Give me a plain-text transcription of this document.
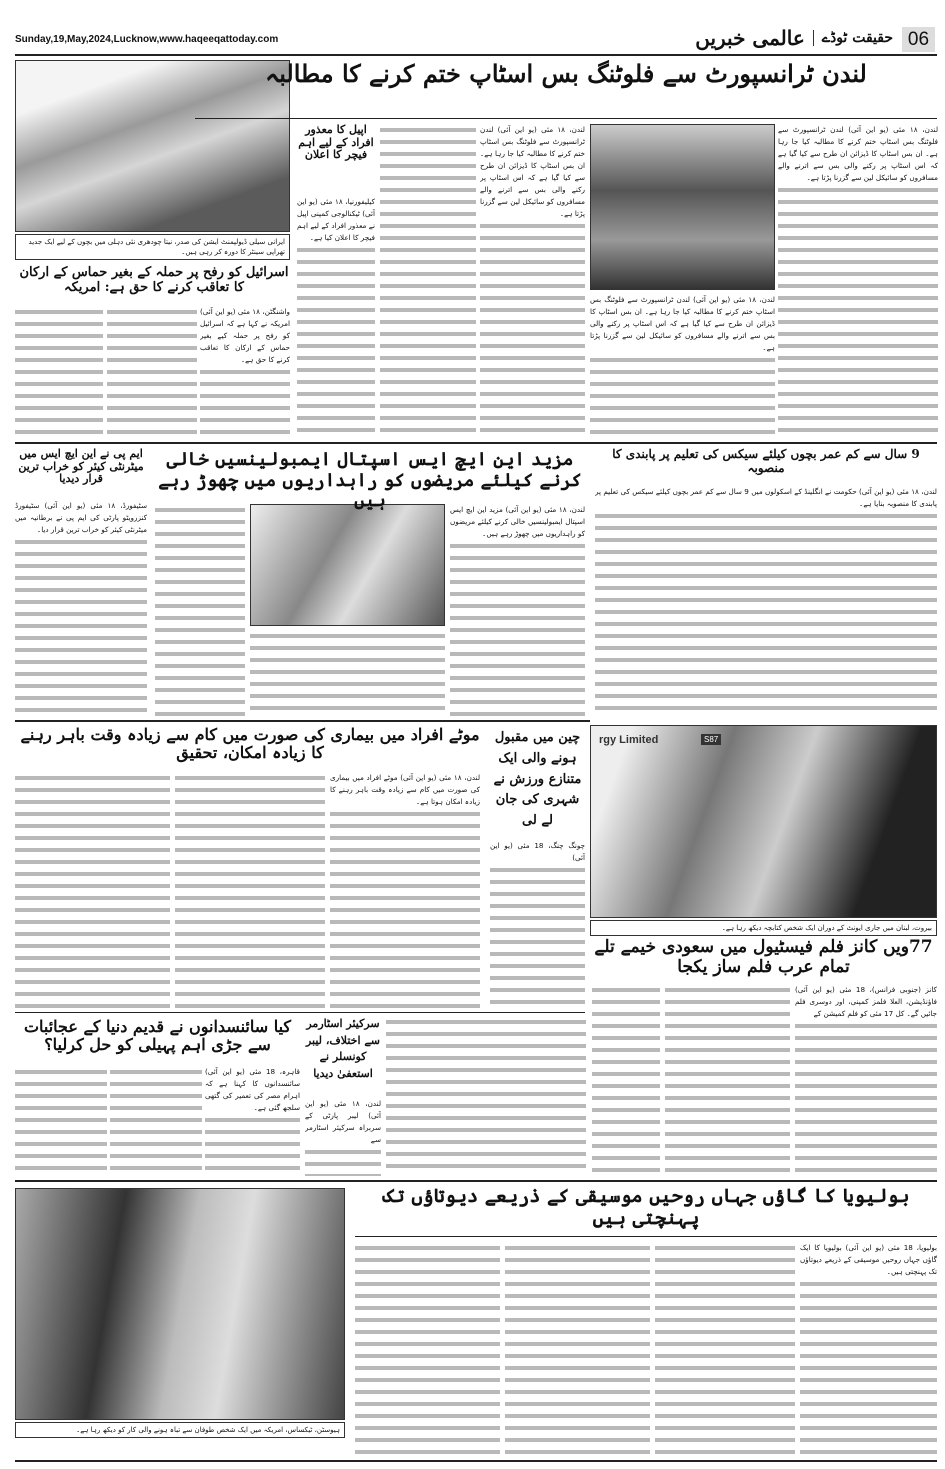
Sunday,19,May,2024,Lucknow,www.haqeeqattoday.com	06
حقیقت ٹوڈے
عالمی خبریں
ایرانی سیلی ڈیولپمنٹ ایشن کی صدر، نیتا چودھری نئی دہلی میں بچوں کے لیے ایک جدید تھراپی سینٹر کا دورہ کر رہی ہیں۔
لندن ٹرانسپورٹ سے فلوٹنگ بس اسٹاپ ختم کرنے کا مطالبہ

لندن، ۱۸ مئی (یو این آئی) لندن ٹرانسپورٹ سے فلوٹنگ بس اسٹاپ ختم کرنے کا مطالبہ کیا جا رہا ہے۔ ان بس اسٹاپ کا ڈیزائن ان طرح سے کیا گیا ہے کہ اس اسٹاپ پر رکنے والی بس سے اترنے والے مسافروں کو سائیکل لین سے گزرنا پڑتا ہے۔

لندن، ۱۸ مئی (یو این آئی) لندن ٹرانسپورٹ سے فلوٹنگ بس اسٹاپ ختم کرنے کا مطالبہ کیا جا رہا ہے۔ ان بس اسٹاپ کا ڈیزائن ان طرح سے کیا گیا ہے کہ اس اسٹاپ پر رکنے والی بس سے اترنے والے مسافروں کو سائیکل لین سے گزرنا پڑتا ہے۔

لندن، ۱۸ مئی (یو این آئی) لندن ٹرانسپورٹ سے فلوٹنگ بس اسٹاپ ختم کرنے کا مطالبہ کیا جا رہا ہے۔ ان بس اسٹاپ کا ڈیزائن ان طرح سے کیا گیا ہے کہ اس اسٹاپ پر رکنے والی بس سے اترنے والے مسافروں کو سائیکل لین سے گزرنا پڑتا ہے۔

اپیل کا معذور افراد کے لیے اہم فیچر کا اعلان

کیلیفورنیا، ۱۸ مئی (یو این آئی) ٹیکنالوجی کمپنی اپیل نے معذور افراد کے لیے اہم فیچر کا اعلان کیا ہے۔

اسرائیل کو رفح پر حملہ کے بغیر حماس کے ارکان کا تعاقب کرنے کا حق ہے: امریکہ

واشنگٹن، ۱۸ مئی (یو این آئی) امریکہ نے کہا ہے کہ اسرائیل کو رفح پر حملہ کیے بغیر حماس کے ارکان کا تعاقب کرنے کا حق ہے۔

9 سال سے کم عمر بچوں کیلئے سیکس کی تعلیم پر پابندی کا منصوبہ

لندن، ۱۸ مئی (یو این آئی) حکومت نے انگلینڈ کے اسکولوں میں 9 سال سے کم عمر بچوں کیلئے سیکس کی تعلیم پر پابندی کا منصوبہ بنایا ہے۔

مزید این ایچ ایس اسپتال ایمبولینسیں خالی کرنے کیلئے مریضوں کو راہداریوں میں چھوڑ رہے ہیں	لندن، ۱۸ مئی (یو این آئی) مزید این ایچ ایس اسپتال ایمبولینسیں خالی کرنے کیلئے مریضوں کو راہداریوں میں چھوڑ رہے ہیں۔

ایم پی نے این ایچ ایس میں میٹرنٹی کیئر کو خراب ترین قرار دیدیا

سٹیفورڈ، ۱۸ مئی (یو این آئی) سٹیفورڈ کنزرویٹو پارٹی کی ایم پی نے برطانیہ میں میٹرنٹی کیئر کو خراب ترین قرار دیا۔

موٹے افراد میں بیماری کی صورت میں کام سے زیادہ وقت باہر رہنے کا زیادہ امکان، تحقیق

لندن، ۱۸ مئی (یو این آئی) موٹے افراد میں بیماری کی صورت میں کام سے زیادہ وقت باہر رہنے کا زیادہ امکان ہوتا ہے۔

چین میں مقبول ہونے والی ایک متنازع ورزش نے شہری کی جان لے لی

چونگ چنگ، 18 مئی (یو این آئی)

rgy Limited	S87
بیروت، لبنان میں جاری ایونٹ کے دوران ایک شخص کتابچہ دیکھ رہا ہے۔
77ویں کانز فلم فیسٹیول میں سعودی خیمے تلے تمام عرب فلم ساز یکجا

کانز (جنوبی فرانس)، 18 مئی (یو این آئی) فاؤنڈیشن، العلا فلمز کمپنی، اور دوسری فلم جائیں گے۔ کل 17 مئی کو فلم کمیشن کے

کیا سائنسدانوں نے قدیم دنیا کے عجائبات سے جڑی اہم پہیلی کو حل کرلیا؟

قاہرہ، 18 مئی (یو این آئی) سائنسدانوں کا کہنا ہے کہ اہرام مصر کی تعمیر کی گتھی سلجھ گئی ہے۔

سرکیئر اسٹارمر سے اختلاف، لیبر کونسلر نے استعفیٰ دیدیا

لندن، ۱۸ مئی (یو این آئی) لیبر پارٹی کے سربراہ سرکیئر اسٹارمر سے

ہیوسٹن، ٹیکساس، امریکہ میں ایک شخص طوفان سے تباہ ہونے والی کار کو دیکھ رہا ہے۔
بولیویا کا گاؤں جہاں روحیں موسیقی کے ذریعے دیوتاؤں تک پہنچتی ہیں

بولیویا، 18 مئی (یو این آئی) بولیویا کا ایک گاؤں جہاں روحیں موسیقی کے ذریعے دیوتاؤں تک پہنچتی ہیں۔
